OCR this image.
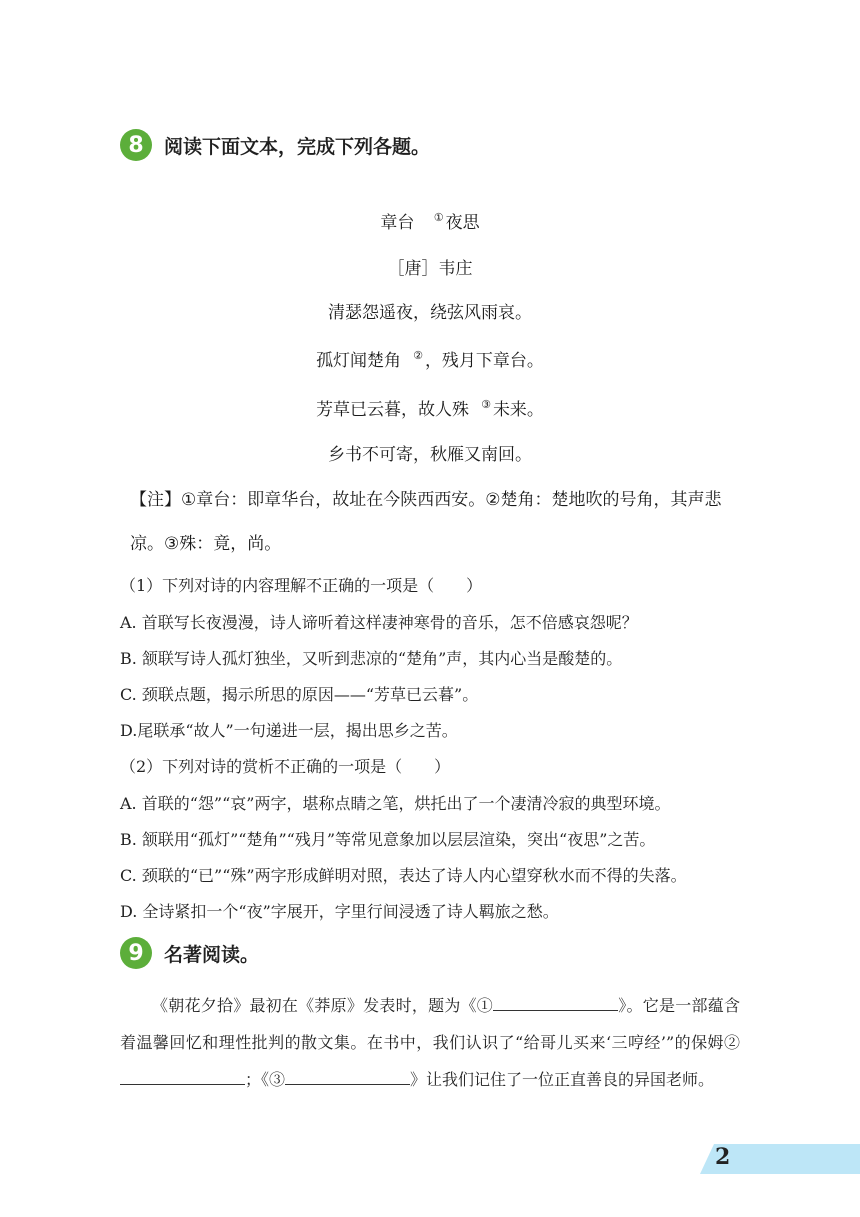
8	阅读下面文本，完成下列各题。
章台 ① 夜思
［唐］韦庄
清瑟怨遥夜，绕弦风雨哀。
孤灯闻楚角 ② ，残月下章台。
芳草已云暮，故人殊 ③ 未来。
乡书不可寄，秋雁又南回。
【注】①章台：即章华台，故址在今陕西西安。②楚角：楚地吹的号角，其声悲
凉。③殊：竟，尚。
（1）下列对诗的内容理解不正确的一项是（　　）
A. 首联写长夜漫漫，诗人谛听着这样凄神寒骨的音乐，怎不倍感哀怨呢？
B. 颔联写诗人孤灯独坐，又听到悲凉的“楚角”声，其内心当是酸楚的。
C. 颈联点题，揭示所思的原因——“芳草已云暮”。
D.尾联承“故人”一句递进一层，揭出思乡之苦。
（2）下列对诗的赏析不正确的一项是（　　）
A. 首联的“怨”“哀”两字，堪称点睛之笔，烘托出了一个凄清冷寂的典型环境。
B. 颔联用“孤灯”“楚角”“残月”等常见意象加以层层渲染，突出“夜思”之苦。
C. 颈联的“已”“殊”两字形成鲜明对照，表达了诗人内心望穿秋水而不得的失落。
D. 全诗紧扣一个“夜”字展开，字里行间浸透了诗人羁旅之愁。
9	名著阅读。
《朝花夕拾》最初在《莽原》发表时，题为《①	》。它是一部蕴含着温馨回忆和理性批判的散文集。在书中，我们认识了“给哥儿买来‘三哼经’”的保姆②；《③	》让我们记住了一位正直善良的异国老师。
2
